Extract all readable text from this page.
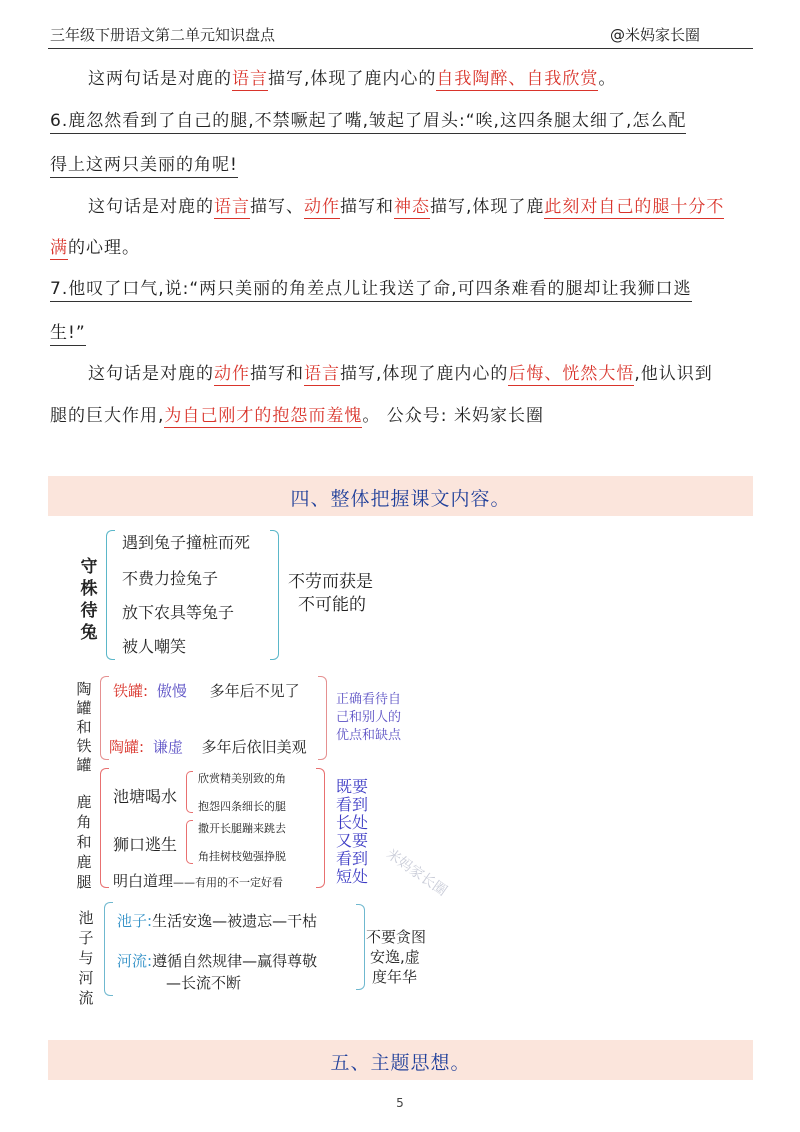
三年级下册语文第二单元知识盘点	@米妈家长圈
这两句话是对鹿的语言描写,体现了鹿内心的自我陶醉、自我欣赏。
6.鹿忽然看到了自己的腿,不禁噘起了嘴,皱起了眉头:“唉,这四条腿太细了,怎么配
得上这两只美丽的角呢!
这句话是对鹿的语言描写、动作描写和神态描写,体现了鹿此刻对自己的腿十分不
满的心理。
7.他叹了口气,说:“两只美丽的角差点儿让我送了命,可四条难看的腿却让我狮口逃
生!”
这句话是对鹿的动作描写和语言描写,体现了鹿内心的后悔、恍然大悟,他认识到
腿的巨大作用,为自己刚才的抱怨而羞愧。 公众号: 米妈家长圈
四、整体把握课文内容。
守株待兔
遇到兔子撞桩而死
不费力捡兔子
放下农具等兔子
被人嘲笑
不劳而获是
不可能的
陶罐和铁罐
铁罐: 傲慢 多年后不见了
陶罐: 谦虚 多年后依旧美观
正确看待自
己和别人的
优点和缺点
鹿角和鹿腿
池塘喝水
欣赏精美别致的角
抱怨四条细长的腿
狮口逃生
撒开长腿蹦来跳去
角挂树枝勉强挣脱
明白道理——有用的不一定好看
既要看到长处又要看到短处
池子与河流
池子:生活安逸—被遗忘—干枯
河流:遵循自然规律—赢得尊敬
—长流不断
不要贪图
安逸,虚
度年华
米妈家长圈
五、主题思想。
5
